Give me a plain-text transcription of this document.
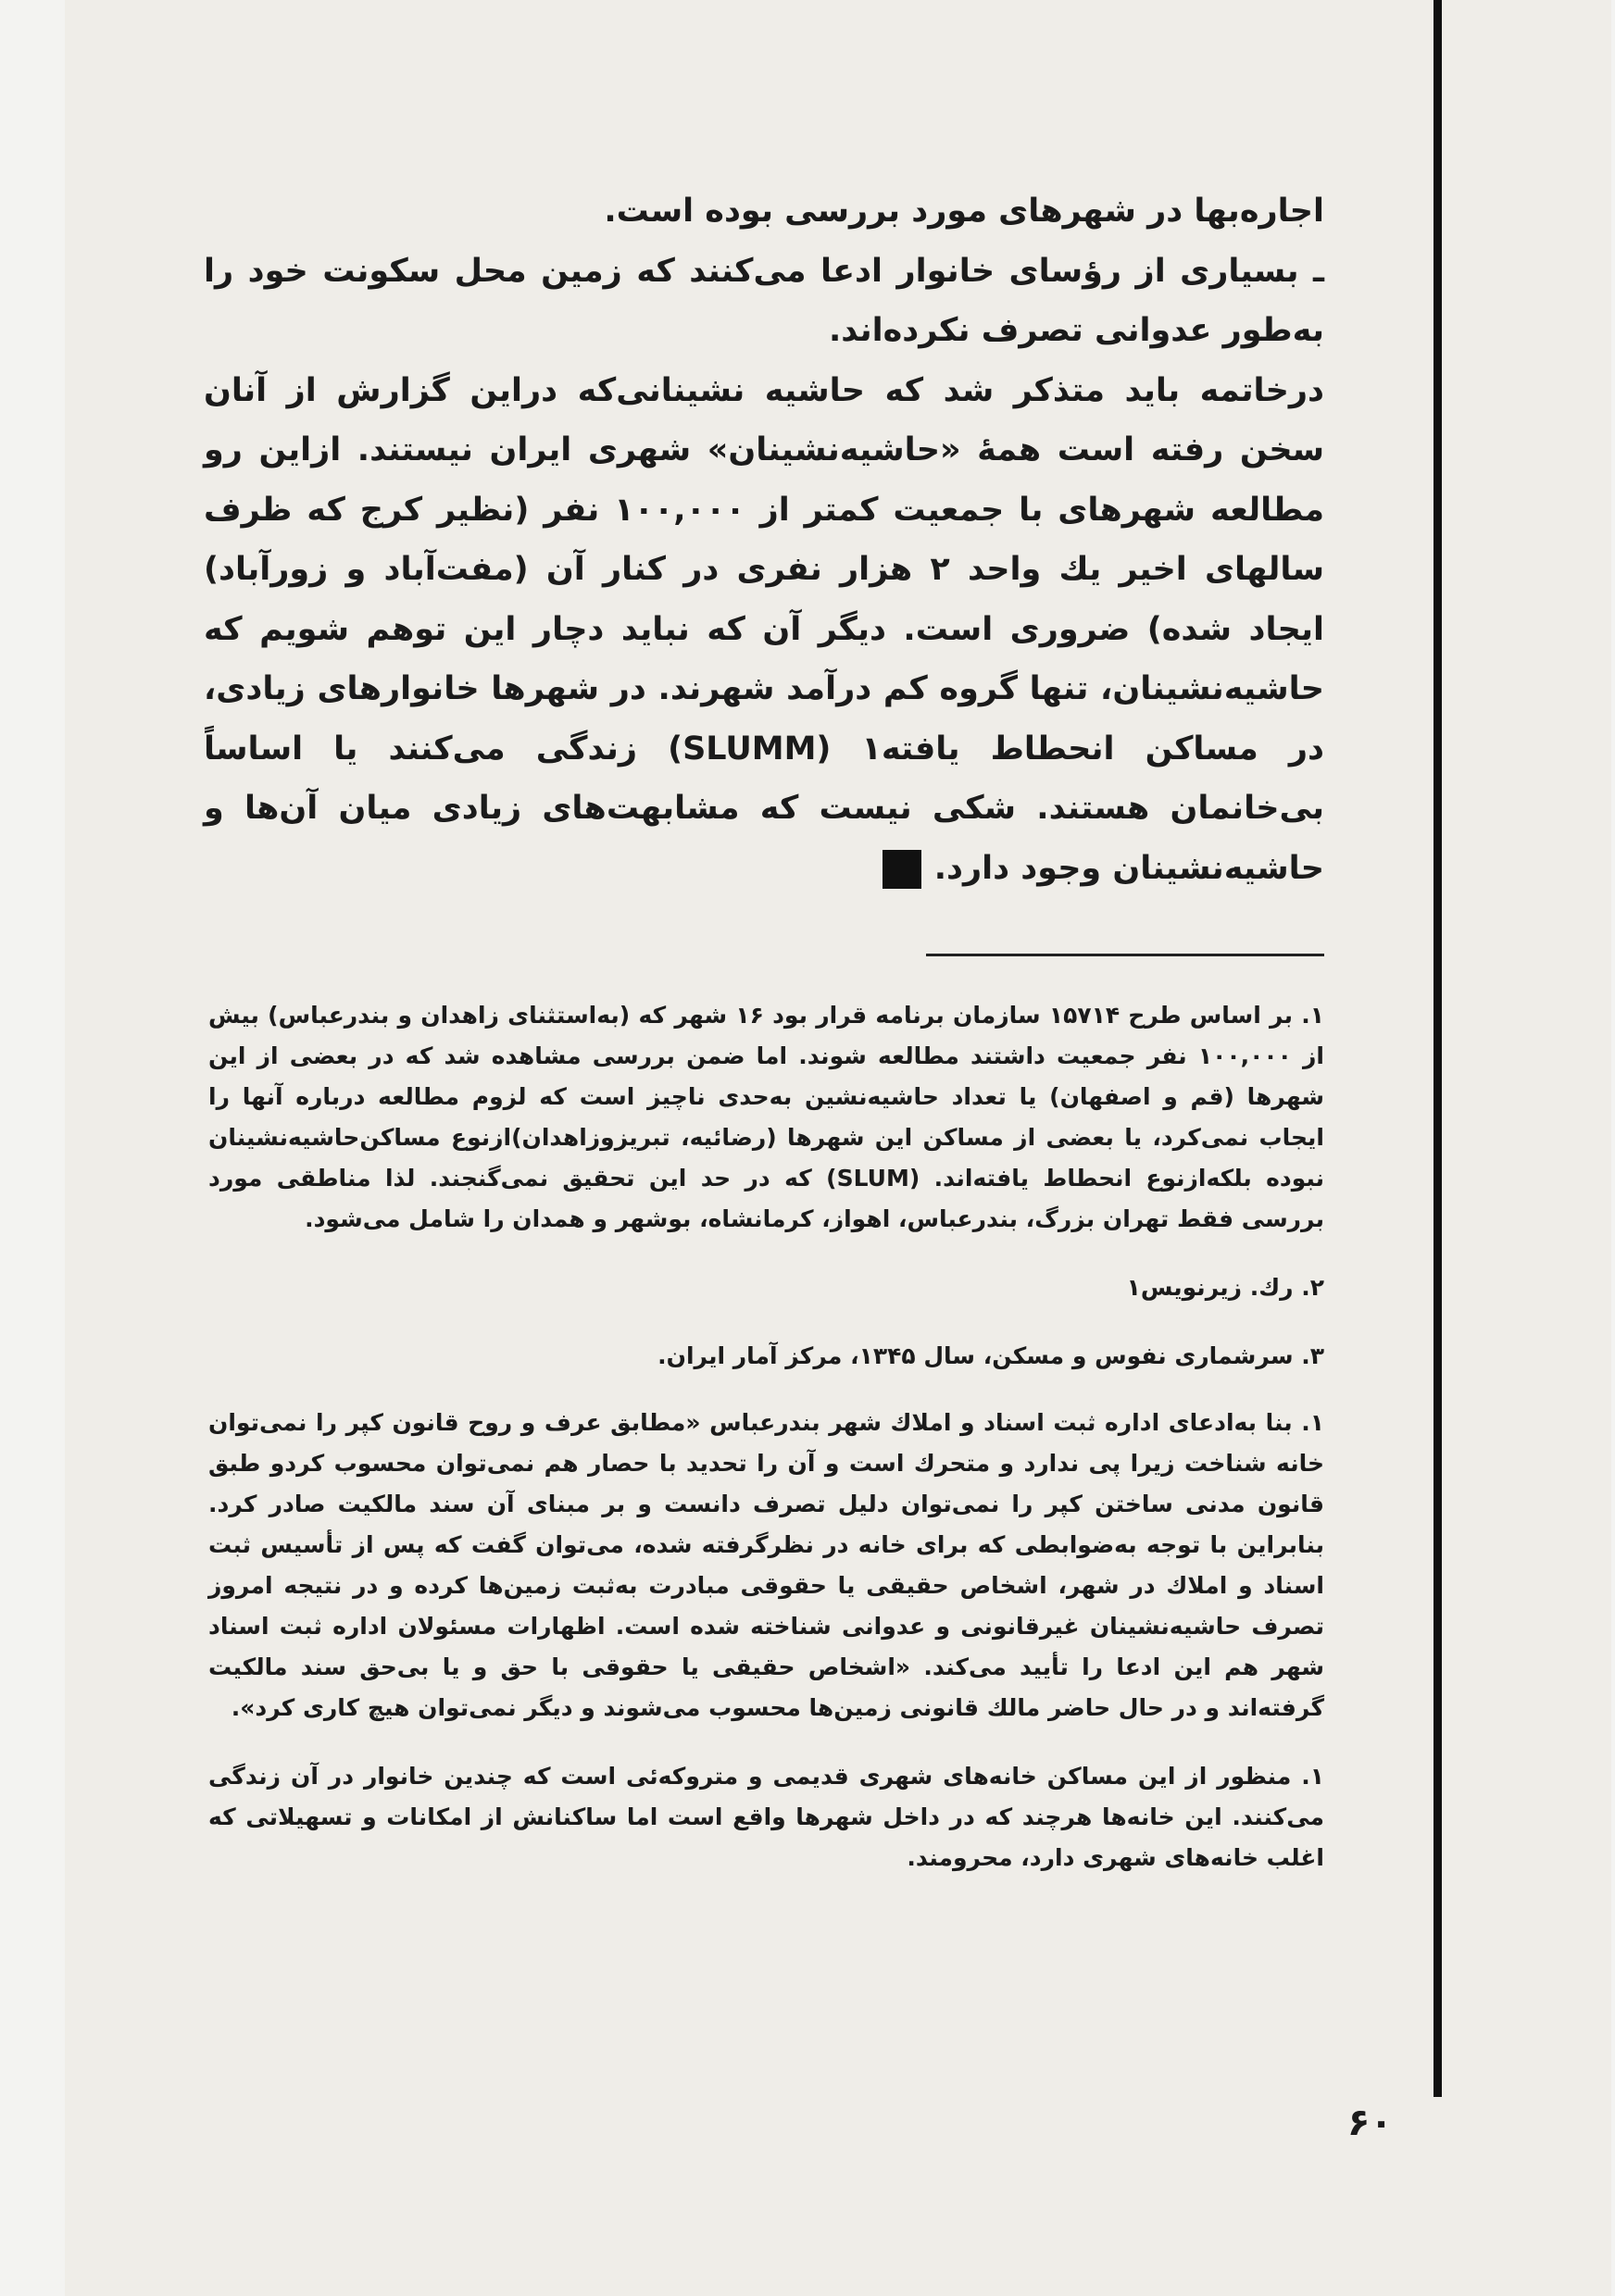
اجاره‌بها در شهرهای مورد بررسی بوده است.

ـ بسیاری از رؤسای خانوار ادعا می‌کنند که زمین محل سکونت خود را به‌طور عدوانی تصرف نکرده‌اند.

درخاتمه باید متذکر شد که حاشیه نشینانی‌که دراین گزارش از آنان سخن رفته است همهٔ «حاشیه‌نشینان» شهری ایران نیستند. ازاین رو مطالعه شهرهای با جمعیت کمتر از ۱۰۰,۰۰۰ نفر (نظیر کرج که ظرف سالهای اخیر یك واحد ۲ هزار نفری در کنار آن (مفت‌آباد و زورآباد) ایجاد شده) ضروری است. دیگر آن که نباید دچار این توهم شویم که حاشیه‌نشینان، تنها گروه کم درآمد شهرند. در شهرها خانوارهای زیادی، در مساکن انحطاط یافته۱ (SLUMM) زندگی می‌کنند یا اساساً بی‌خانمان هستند. شکی نیست که مشابهت‌های زیادی میان آن‌ها و حاشیه‌نشینان وجود دارد.

۱. بر اساس طرح ۱۵۷۱۴ سازمان برنامه قرار بود ۱۶ شهر که (به‌استثنای زاهدان و بندرعباس) بیش از ۱۰۰,۰۰۰ نفر جمعیت داشتند مطالعه شوند. اما ضمن بررسی مشاهده شد که در بعضی از این شهرها (قم و اصفهان) یا تعداد حاشیه‌نشین به‌حدی ناچیز است که لزوم مطالعه درباره آنها را ایجاب نمی‌کرد، یا بعضی از مساکن این شهرها (رضائیه، تبریزوزاهدان)ازنوع مساکن‌حاشیه‌نشینان نبوده بلکه‌ازنوع انحطاط یافته‌اند. (SLUM) که در حد این تحقیق نمی‌گنجند. لذا مناطقی مورد بررسی فقط تهران بزرگ، بندرعباس، اهواز، کرمانشاه، بوشهر و همدان را شامل می‌شود.

۲. رك. زیرنویس۱

۳. سرشماری نفوس و مسکن، سال ۱۳۴۵، مرکز آمار ایران.

۱. بنا به‌ادعای اداره ثبت اسناد و املاك شهر بندرعباس «مطابق عرف و روح قانون کپر را نمی‌توان خانه شناخت زیرا پی ندارد و متحرك است و آن را تحدید با حصار هم نمی‌توان محسوب کردو طبق قانون مدنی ساختن کپر را نمی‌توان دلیل تصرف دانست و بر مبنای آن سند مالکیت صادر کرد. بنابراین با توجه به‌ضوابطی که برای خانه در نظرگرفته شده، می‌توان گفت که پس از تأسیس ثبت اسناد و املاك در شهر، اشخاص حقیقی یا حقوقی مبادرت به‌ثبت زمین‌ها کرده و در نتیجه امروز تصرف حاشیه‌نشینان غیرقانونی و عدوانی شناخته شده است. اظهارات مسئولان اداره ثبت اسناد شهر هم این ادعا را تأیید می‌کند. «اشخاص حقیقی یا حقوقی با حق و یا بی‌حق سند مالکیت گرفته‌اند و در حال حاضر مالك قانونی زمین‌ها محسوب می‌شوند و دیگر نمی‌توان هیچ کاری کرد».

۱. منظور از این مساکن خانه‌های شهری قدیمی و متروکه‌ئی است که چندین خانوار در آن زندگی می‌کنند. این خانه‌ها هرچند که در داخل شهرها واقع است اما ساکنانش از امکانات و تسهیلاتی که اغلب خانه‌های شهری دارد، محرومند.

۶۰
